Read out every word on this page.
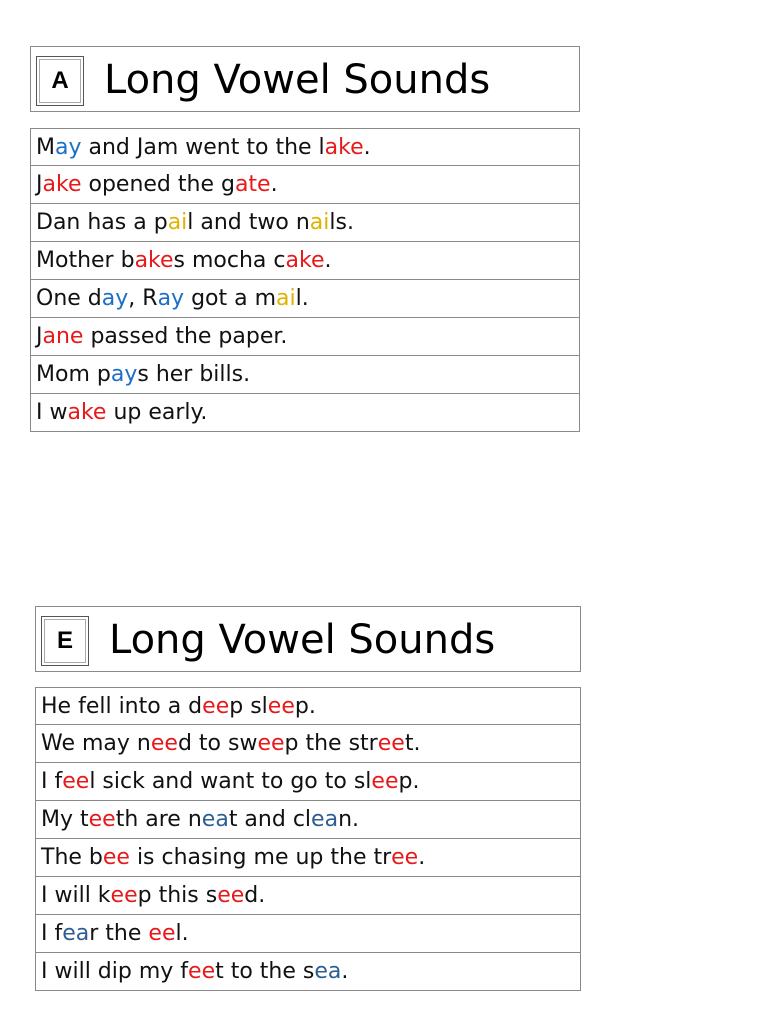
A Long Vowel Sounds
M ay and Jam went to the l ake .
J ake opened the g ate .
Dan has a p ai l and two n ai ls.
Mother b ake s mocha c ake .
One d ay , R ay got a m ai l.
J ane passed the paper.
Mom p ay s her bills.
I w ake up early.
E Long Vowel Sounds
He fell into a d ee p sl ee p.
We may n ee d to sw ee p the str ee t.
I f ee l sick and want to go to sl ee p.
My t ee th are n ea t and cl ea n.
The b ee is chasing me up the tr ee .
I will k ee p this s ee d.
I f ea r the ee l.
I will dip my f ee t to the s ea .
